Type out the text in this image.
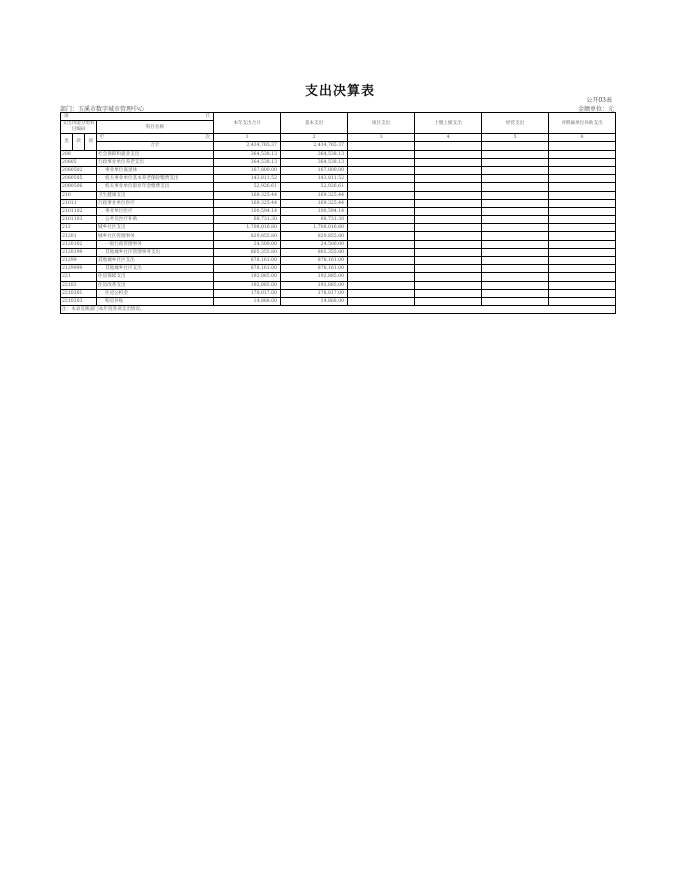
支出决算表
公开03表
部门：玉溪市数字城市管理中心	金额单位：元
项 目				本年支出合计	基本支出	项目支出	上缴上级支出	经营支出	对附属单位补助支出
支出功能分类科目编码			科目名称						
类	款	项	栏 次	1	2	3	4	5	6
			合计	2,434,765.37	2,434,765.37				
208			社会保障和就业支出	364,538.13	364,538.13				
20805			行政事业单位养老支出	364,538.13	364,538.13				
2080502			事业单位离退休	167,800.00	167,800.00				
2080505			机关事业单位基本养老保险缴费支出	143,811.52	143,811.52				
2080506			机关事业单位职业年金缴费支出	52,926.61	52,926.61				
210			卫生健康支出	169,325.44	169,325.44				
21011			行政事业单位医疗	169,325.44	169,325.44				
2101102			事业单位医疗	100,594.14	100,594.14				
2101103			公务员医疗补助	68,731.30	68,731.30				
212			城乡社区支出	1,708,016.80	1,708,016.80				
21201			城乡社区管理事务	829,855.80	829,855.80				
2120102			一般行政管理事务	24,500.00	24,500.00				
2120199			其他城乡社区管理事务支出	805,355.80	805,355.80				
21299			其他城乡社区支出	878,161.00	878,161.00				
2129999			其他城乡社区支出	878,161.00	878,161.00				
221			住房保障支出	192,885.00	192,885.00				
22102			住房改革支出	192,885.00	192,885.00				
2210201			住房公积金	178,017.00	178,017.00				
2210203			购房补贴	14,868.00	14,868.00				
注：本表反映部门本年度各项支出情况。									
